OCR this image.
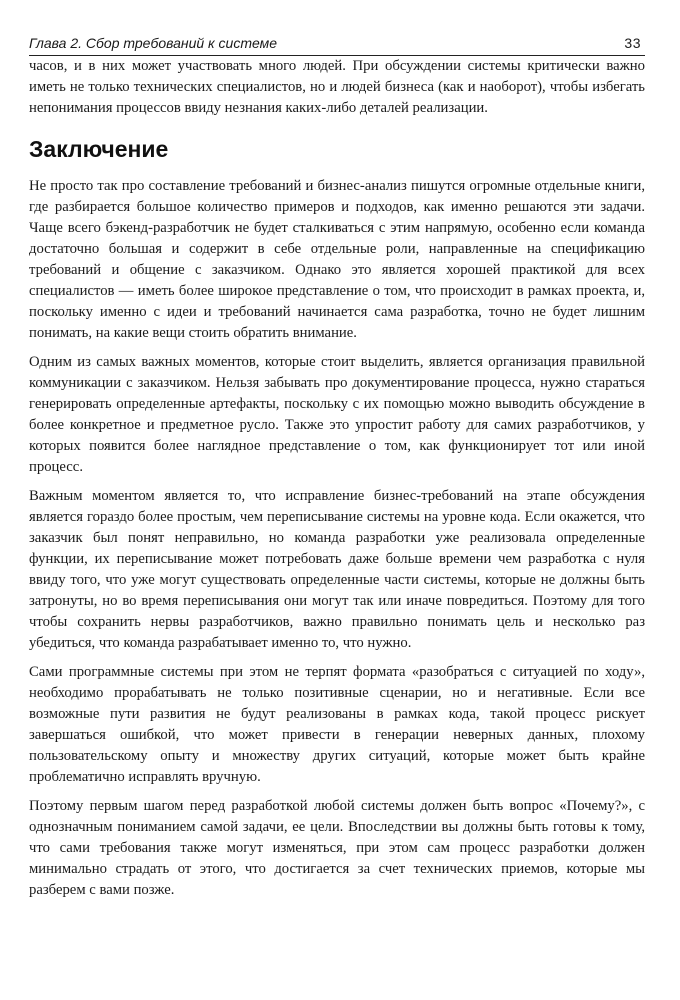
Глава 2. Сбор требований к системе	33

часов, и в них может участвовать много людей. При обсуждении системы критически важно иметь не только технических специалистов, но и людей бизнеса (как и наоборот), чтобы избегать непонимания процессов ввиду незнания каких-либо деталей реализации.

Заключение

Не просто так про составление требований и бизнес-анализ пишутся огромные отдельные книги, где разбирается большое количество примеров и подходов, как именно решаются эти задачи. Чаще всего бэкенд-разработчик не будет сталкиваться с этим напрямую, особенно если команда достаточно большая и содержит в себе отдельные роли, направленные на спецификацию требований и общение с заказчиком. Однако это является хорошей практикой для всех специалистов — иметь более широкое представление о том, что происходит в рамках проекта, и, поскольку именно с идеи и требований начинается сама разработка, точно не будет лишним понимать, на какие вещи стоить обратить внимание.

Одним из самых важных моментов, которые стоит выделить, является организация правильной коммуникации с заказчиком. Нельзя забывать про документирование процесса, нужно стараться генерировать определенные артефакты, поскольку с их помощью можно выводить обсуждение в более конкретное и предметное русло. Также это упростит работу для самих разработчиков, у которых появится более наглядное представление о том, как функционирует тот или иной процесс.

Важным моментом является то, что исправление бизнес-требований на этапе обсуждения является гораздо более простым, чем переписывание системы на уровне кода. Если окажется, что заказчик был понят неправильно, но команда разработки уже реализовала определенные функции, их переписывание может потребовать даже больше времени чем разработка с нуля ввиду того, что уже могут существовать определенные части системы, которые не должны быть затронуты, но во время переписывания они могут так или иначе повредиться. Поэтому для того чтобы сохранить нервы разработчиков, важно правильно понимать цель и несколько раз убедиться, что команда разрабатывает именно то, что нужно.

Сами программные системы при этом не терпят формата «разобраться с ситуацией по ходу», необходимо прорабатывать не только позитивные сценарии, но и негативные. Если все возможные пути развития не будут реализованы в рамках кода, такой процесс рискует завершаться ошибкой, что может привести в генерации неверных данных, плохому пользовательскому опыту и множеству других ситуаций, которые может быть крайне проблематично исправлять вручную.

Поэтому первым шагом перед разработкой любой системы должен быть вопрос «Почему?», с однозначным пониманием самой задачи, ее цели. Впоследствии вы должны быть готовы к тому, что сами требования также могут изменяться, при этом сам процесс разработки должен минимально страдать от этого, что достигается за счет технических приемов, которые мы разберем с вами позже.
